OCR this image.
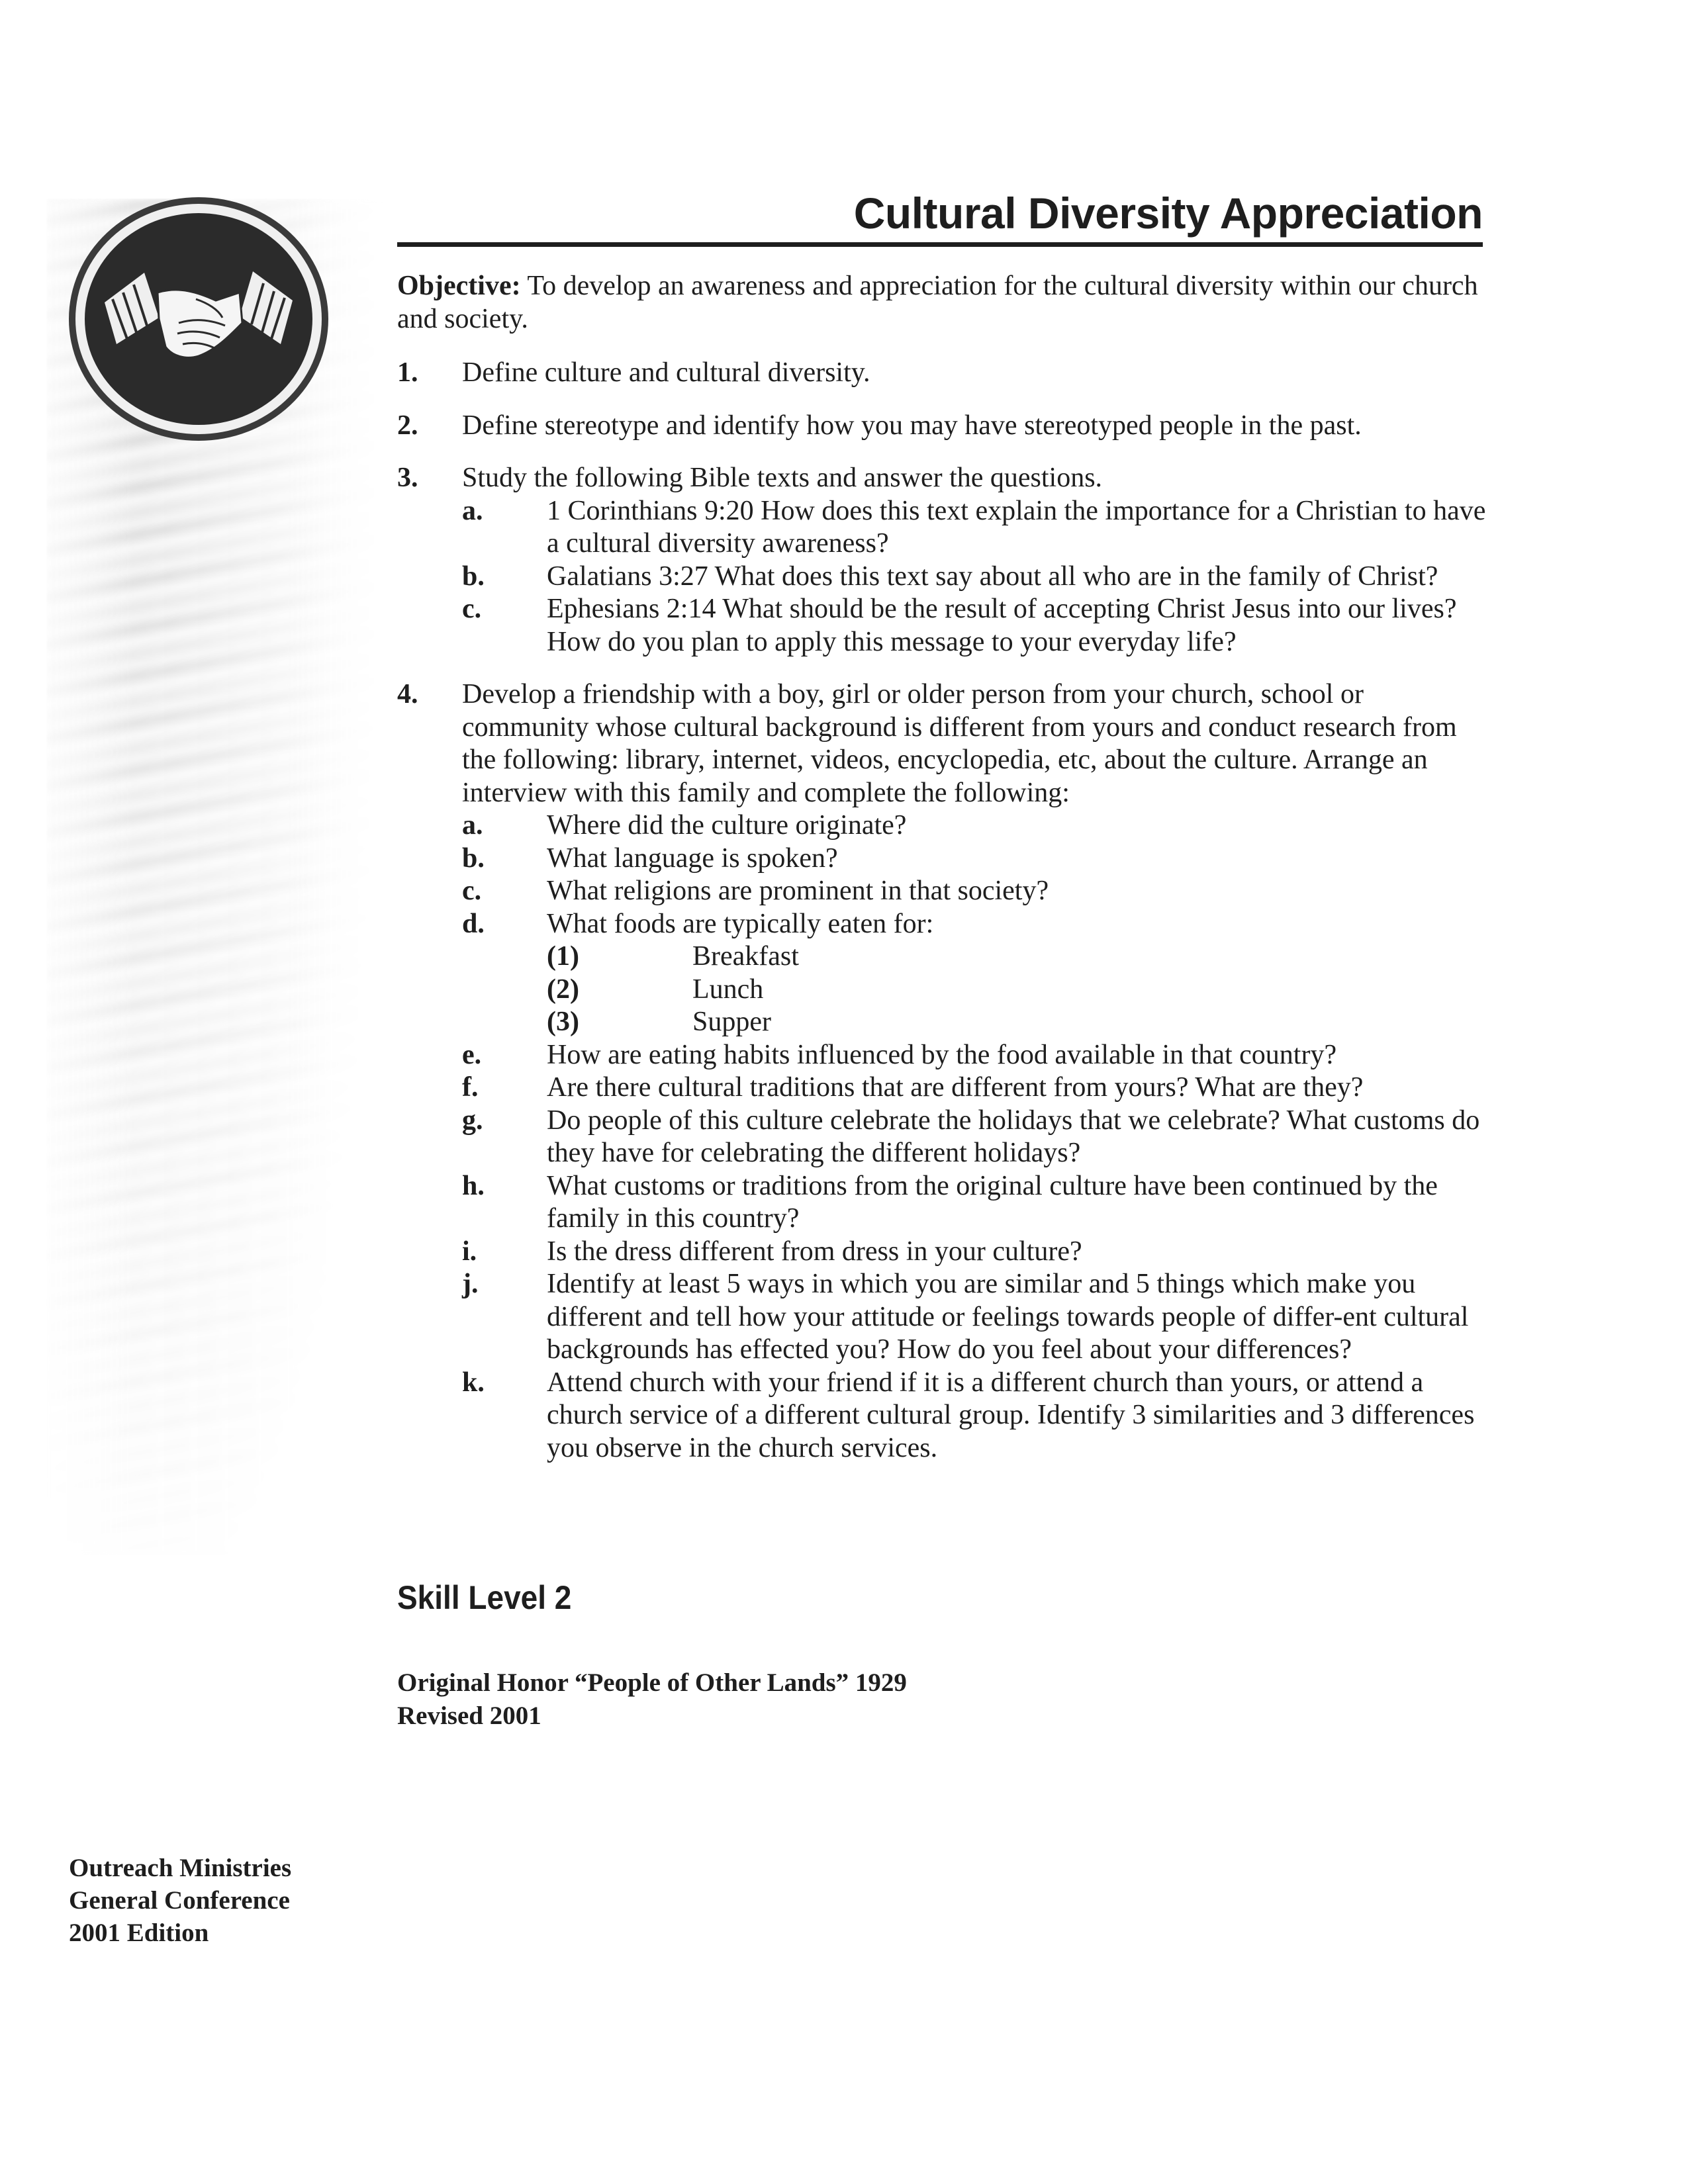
Cultural Diversity Appreciation

Objective: To develop an awareness and appreciation for the cultural diversity within our church and society.

1.	Define culture and cultural diversity.
2.	Define stereotype and identify how you may have stereotyped people in the past.
3.	Study the following Bible texts and answer the questions.
a.	1 Corinthians 9:20 How does this text explain the importance for a Christian to have a cultural diversity awareness?
b.	Galatians 3:27 What does this text say about all who are in the family of Christ?
c.	Ephesians 2:14 What should be the result of accepting Christ Jesus into our lives? How do you plan to apply this message to your everyday life?
4.	Develop a friendship with a boy, girl or older person from your church, school or community whose cultural background is different from yours and conduct research from the following: library, internet, videos, encyclopedia, etc, about the culture. Arrange an interview with this family and complete the following:
a.	Where did the culture originate?
b.	What language is spoken?
c.	What religions are prominent in that society?
d.	What foods are typically eaten for:
(1)	Breakfast
(2)	Lunch
(3)	Supper
e.	How are eating habits influenced by the food available in that country?
f.	Are there cultural traditions that are different from yours? What are they?
g.	Do people of this culture celebrate the holidays that we celebrate? What customs do they have for celebrating the different holidays?
h.	What customs or traditions from the original culture have been continued by the family in this country?
i.	Is the dress different from dress in your culture?
j.	Identify at least 5 ways in which you are similar and 5 things which make you different and tell how your attitude or feelings towards people of differ-ent cultural backgrounds has effected you? How do you feel about your differences?
k.	Attend church with your friend if it is a different church than yours, or attend a church service of a different cultural group. Identify 3 similarities and 3 differences you observe in the church services.
Skill Level 2
Original Honor “People of Other Lands” 1929
Revised 2001
Outreach Ministries
General Conference
2001 Edition
